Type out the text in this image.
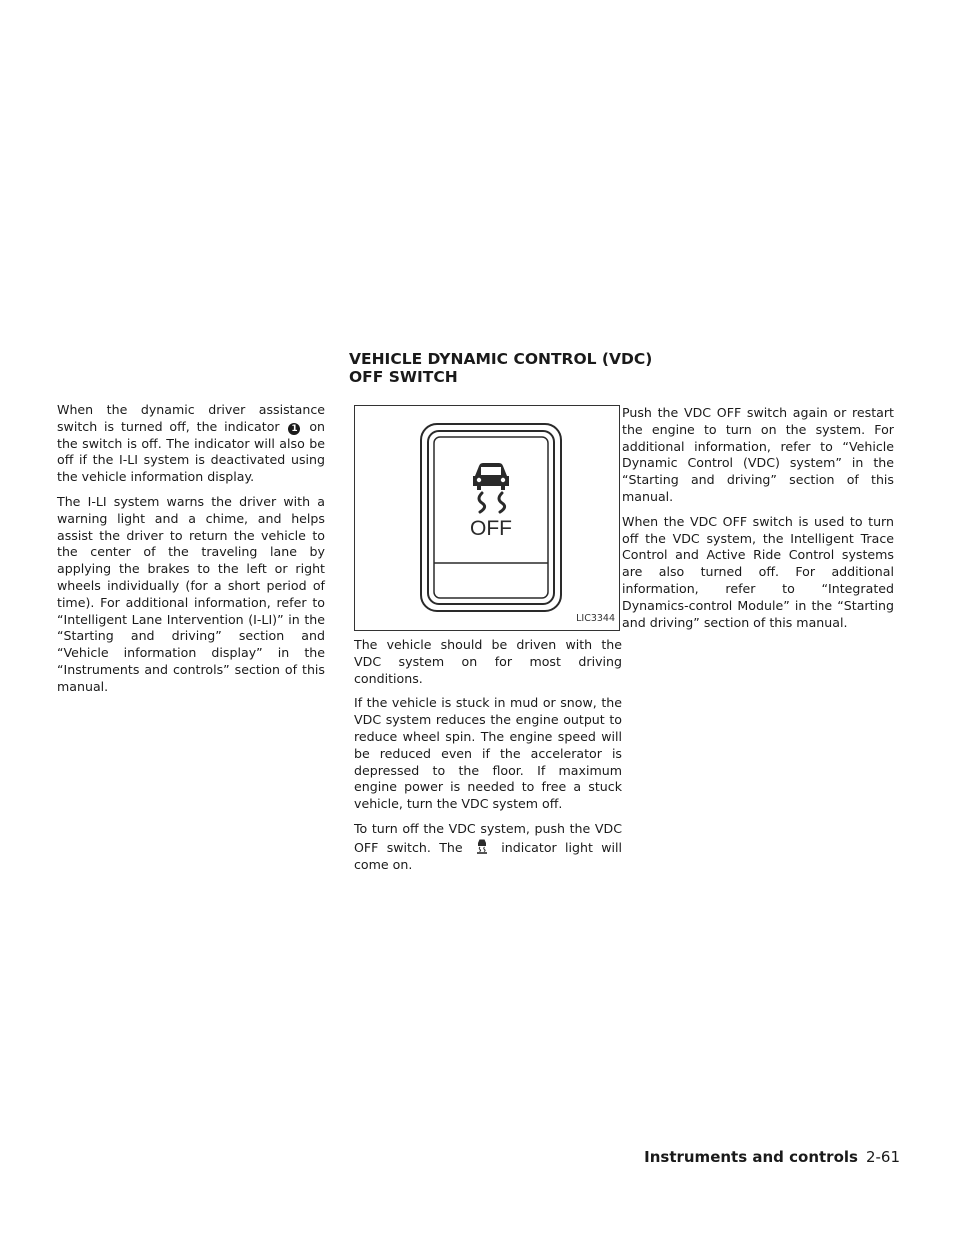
VEHICLE DYNAMIC CONTROL (VDC)
OFF SWITCH

When the dynamic driver assistance switch is turned off, the indicator 1 on the switch is off. The indicator will also be off if the I-LI system is deactivated using the vehicle information display.

The I-LI system warns the driver with a warning light and a chime, and helps assist the driver to return the vehicle to the center of the traveling lane by applying the brakes to the left or right wheels individually (for a short period of time). For additional information, refer to “Intelligent Lane Intervention (I-LI)” in the “Starting and driving” section and “Vehicle information display” in the “Instruments and controls” section of this manual.

OFF
LIC3344

The vehicle should be driven with the VDC system on for most driving conditions.

If the vehicle is stuck in mud or snow, the VDC system reduces the engine output to reduce wheel spin. The engine speed will be reduced even if the accelerator is depressed to the floor. If maximum engine power is needed to free a stuck vehicle, turn the VDC system off.

To turn off the VDC system, push the VDC OFF switch. The	indicator light will come on.

Push the VDC OFF switch again or restart the engine to turn on the system. For additional information, refer to “Vehicle Dynamic Control (VDC) system” in the “Starting and driving” section of this manual.

When the VDC OFF switch is used to turn off the VDC system, the Intelligent Trace Control and Active Ride Control systems are also turned off. For additional information, refer to “Integrated Dynamics-control Module” in the “Starting and driving” section of this manual.

Instruments and controls 2-61
